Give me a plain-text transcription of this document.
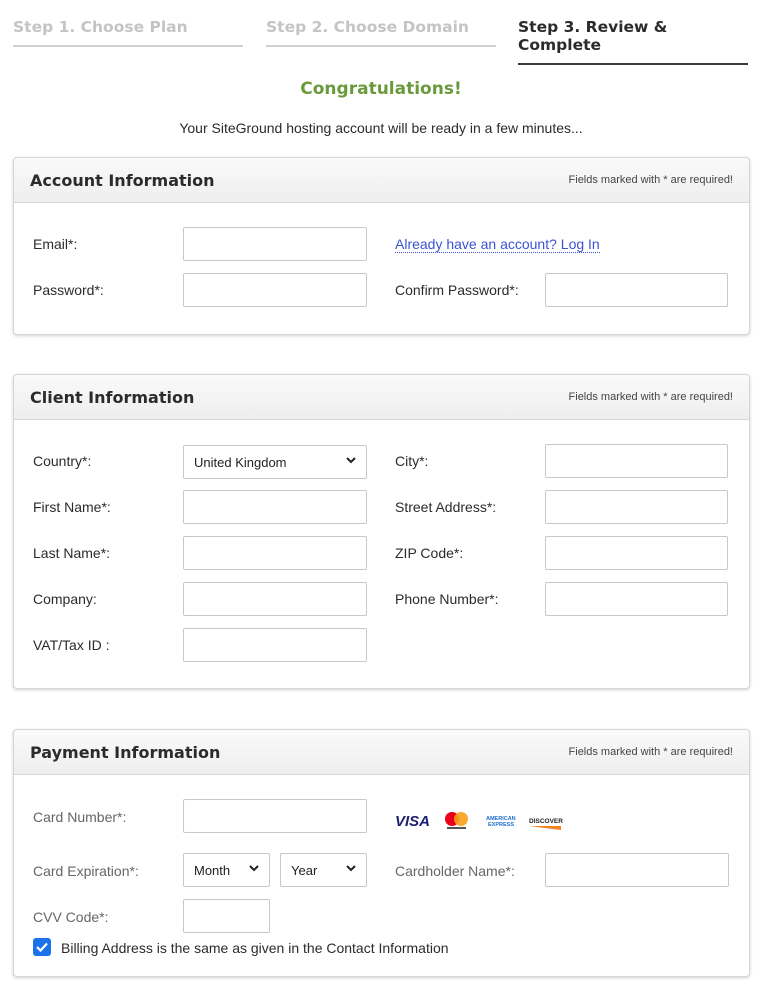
Step 1. Choose Plan	Step 2. Choose Domain	Step 3. Review & Complete
Congratulations!
Your SiteGround hosting account will be ready in a few minutes...
Account Information	Fields marked with * are required!
Email*:	Already have an account? Log In
Password*:	Confirm Password*:
Client Information	Fields marked with * are required!
Country*:	United Kingdom	City*:
First Name*:	Street Address*:
Last Name*:	ZIP Code*:
Company:	Phone Number*:
VAT/Tax ID :
Payment Information	Fields marked with * are required!
Card Number*:	VISA	AMERICAN
EXPRESS DISCOVER
Card Expiration*:	Month	Year	Cardholder Name*:
CVV Code*:
Billing Address is the same as given in the Contact Information
